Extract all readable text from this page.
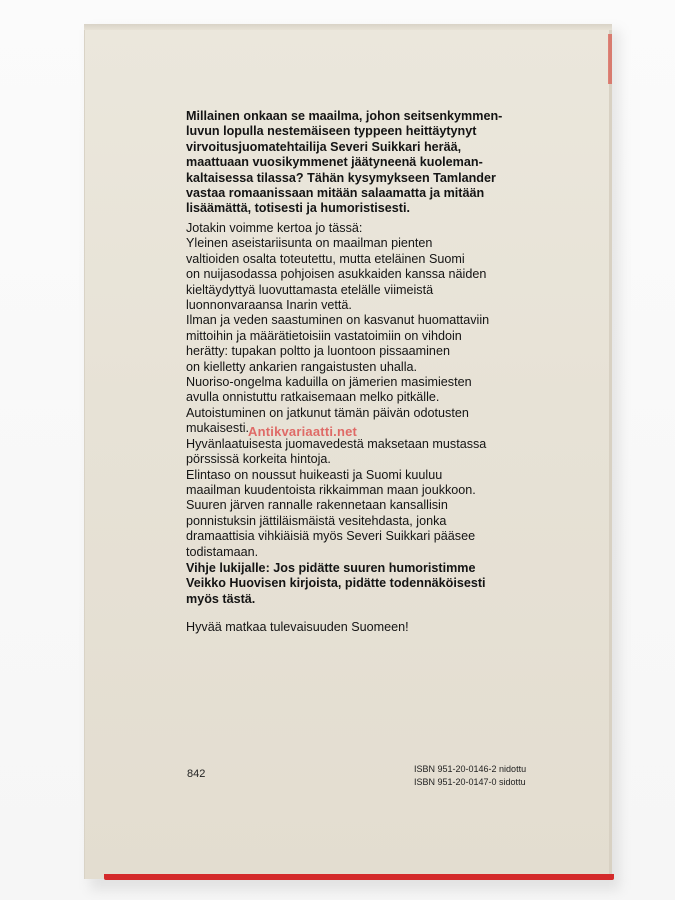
Millainen onkaan se maailma, johon seitsenkymmen-
luvun lopulla nestemäiseen typpeen heittäytynyt
virvoitusjuomatehtailija Severi Suikkari herää,
maattuaan vuosikymmenet jäätyneenä kuoleman-
kaltaisessa tilassa? Tähän kysymykseen Tamlander
vastaa romaanissaan mitään salaamatta ja mitään
lisäämättä, totisesti ja humoristisesti.
Jotakin voimme kertoa jo tässä:
Yleinen aseistariisunta on maailman pienten
valtioiden osalta toteutettu, mutta eteläinen Suomi
on nuijasodassa pohjoisen asukkaiden kanssa näiden
kieltäydyttyä luovuttamasta etelälle viimeistä
luonnonvaraansa Inarin vettä.
Ilman ja veden saastuminen on kasvanut huomattaviin
mittoihin ja määrätietoisiin vastatoimiin on vihdoin
herätty: tupakan poltto ja luontoon pissaaminen
on kielletty ankarien rangaistusten uhalla.
Nuoriso-ongelma kaduilla on jämerien masimiesten
avulla onnistuttu ratkaisemaan melko pitkälle.
Autoistuminen on jatkunut tämän päivän odotusten
mukaisesti.
Hyvänlaatuisesta juomavedestä maksetaan mustassa
pörssissä korkeita hintoja.
Elintaso on noussut huikeasti ja Suomi kuuluu
maailman kuudentoista rikkaimman maan joukkoon.
Suuren järven rannalle rakennetaan kansallisin
ponnistuksin jättiläismäistä vesitehdasta, jonka
dramaattisia vihkiäisiä myös Severi Suikkari pääsee
todistamaan.
Vihje lukijalle: Jos pidätte suuren humoristimme
Veikko Huovisen kirjoista, pidätte todennäköisesti
myös tästä.
Hyvää matkaa tulevaisuuden Suomeen!
842	ISBN 951-20-0146-2 nidottu
ISBN 951-20-0147-0 sidottu
Antikvariaatti.net
